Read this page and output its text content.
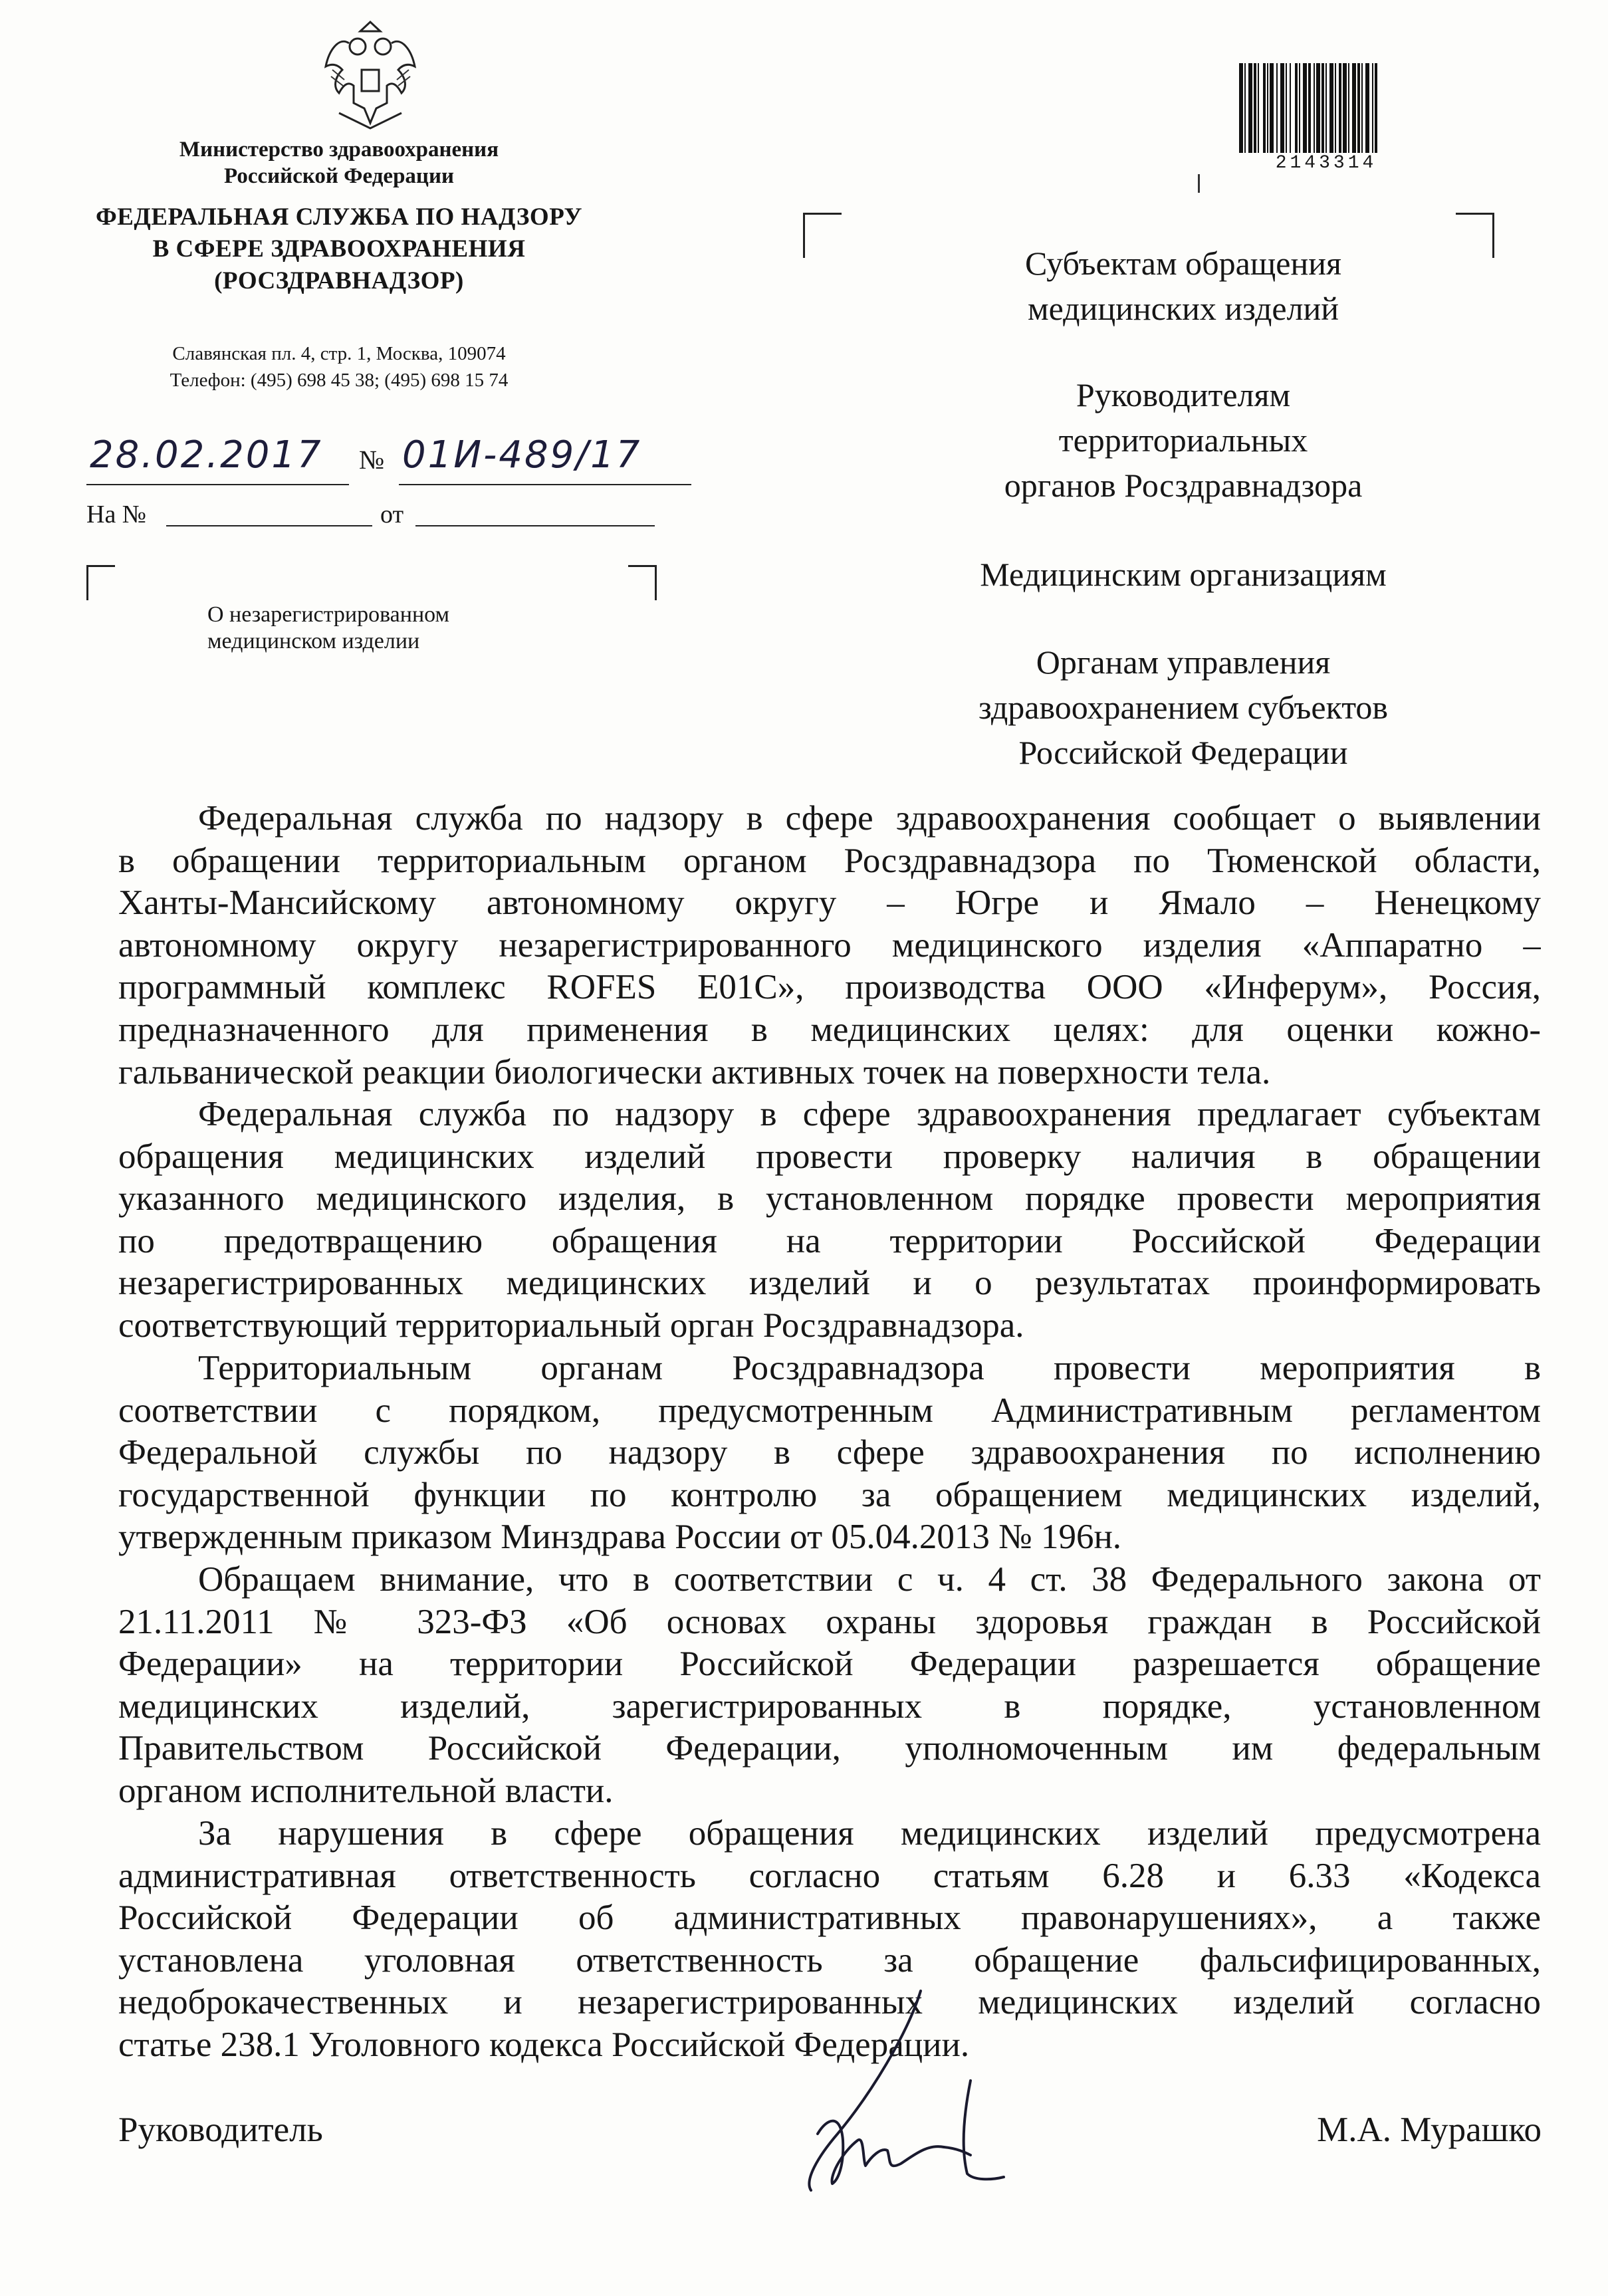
Министерство здравоохранения
Российской Федерации
ФЕДЕРАЛЬНАЯ СЛУЖБА ПО НАДЗОРУ
В СФЕРЕ ЗДРАВООХРАНЕНИЯ
(РОСЗДРАВНАДЗОР)
Славянская пл. 4, стр. 1, Москва, 109074
Телефон: (495) 698 45 38; (495) 698 15 74
28.02.2017 № 01И-489/17
На №	от
О незарегистрированном
медицинском изделии
2143314
Субъектам обращения
медицинских изделий
Руководителям
территориальных
органов Росздравнадзора
Медицинским организациям
Органам управления
здравоохранением субъектов
Российской Федерации
Федеральная служба по надзору в сфере здравоохранения сообщает о выявлении
в обращении территориальным органом Росздравнадзора по Тюменской области,
Ханты-Мансийскому автономному округу – Югре и Ямало – Ненецкому
автономному округу незарегистрированного медицинского изделия «Аппаратно –
программный комплекс ROFES E01C», производства ООО «Инферум», Россия,
предназначенного для применения в медицинских целях: для оценки кожно-
гальванической реакции биологически активных точек на поверхности тела.
Федеральная служба по надзору в сфере здравоохранения предлагает субъектам
обращения медицинских изделий провести проверку наличия в обращении
указанного медицинского изделия, в установленном порядке провести мероприятия
по предотвращению обращения на территории Российской Федерации
незарегистрированных медицинских изделий и о результатах проинформировать
соответствующий территориальный орган Росздравнадзора.
Территориальным органам Росздравнадзора провести мероприятия в
соответствии с порядком, предусмотренным Административным регламентом
Федеральной службы по надзору в сфере здравоохранения по исполнению
государственной функции по контролю за обращением медицинских изделий,
утвержденным приказом Минздрава России от 05.04.2013 № 196н.
Обращаем внимание, что в соответствии с ч. 4 ст. 38 Федерального закона от
21.11.2011 № 323-ФЗ «Об основах охраны здоровья граждан в Российской
Федерации» на территории Российской Федерации разрешается обращение
медицинских изделий, зарегистрированных в порядке, установленном
Правительством Российской Федерации, уполномоченным им федеральным
органом исполнительной власти.
За нарушения в сфере обращения медицинских изделий предусмотрена
административная ответственность согласно статьям 6.28 и 6.33 «Кодекса
Российской Федерации об административных правонарушениях», а также
установлена уголовная ответственность за обращение фальсифицированных,
недоброкачественных и незарегистрированных медицинских изделий согласно
статье 238.1 Уголовного кодекса Российской Федерации.
Руководитель	М.А. Мурашко
